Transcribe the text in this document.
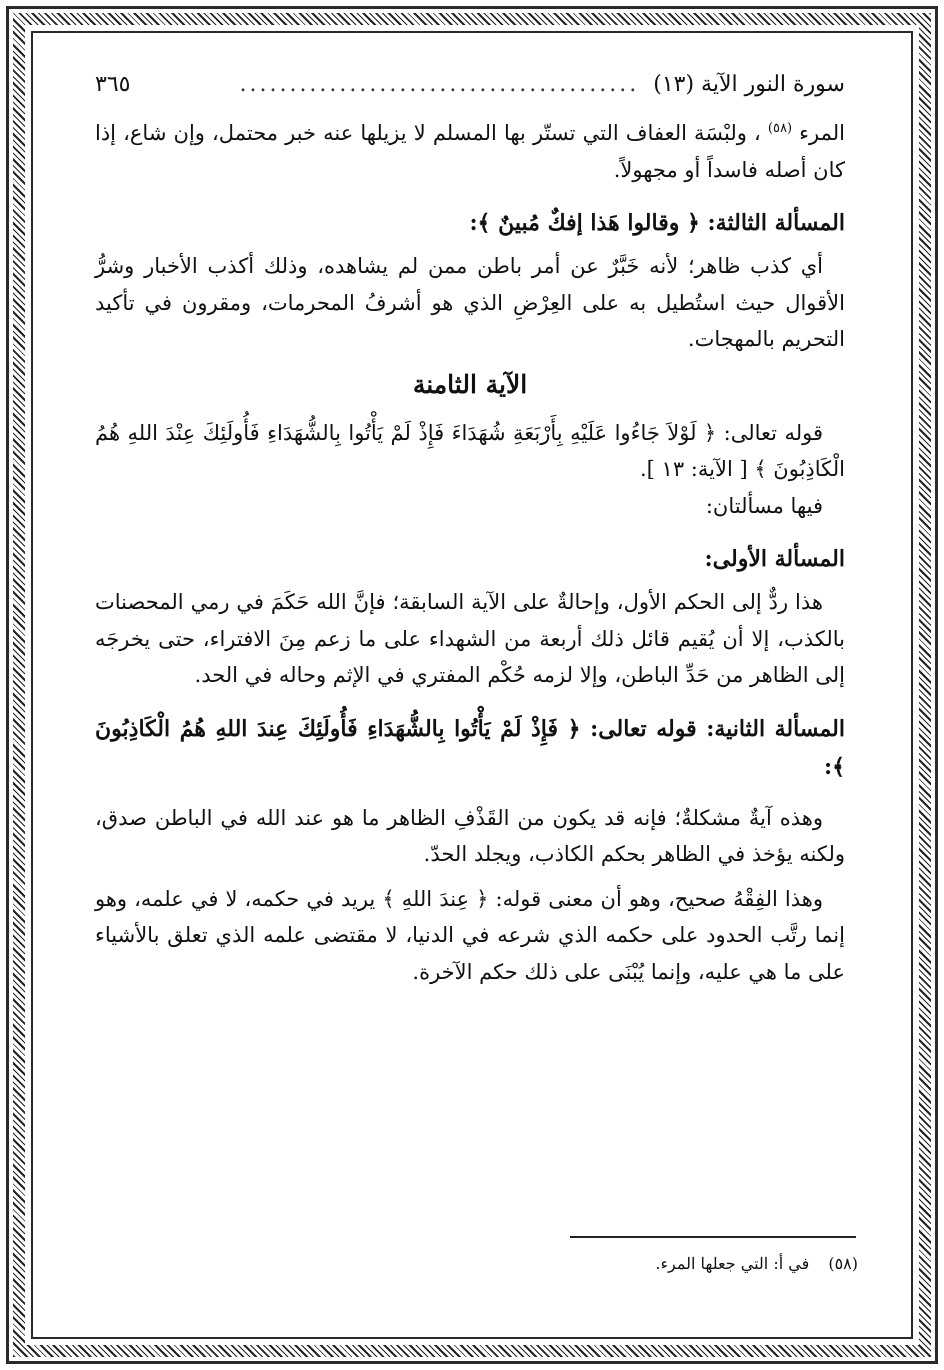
سورة النور الآية (١٣)
........................................
٣٦٥

المرء $^{(٥٨)}$ ، ولبْسَة العفاف التي تستّر بها المسلم لا يزيلها عنه خبر محتمل، وإن شاع، إذا كان أصله فاسداً أو مجهولاً.

المسألة الثالثة: ﴿ وقالوا هَذا إفكٌ مُبينٌ ﴾:

أي كذب ظاهر؛ لأنه خَبَّرٌ عن أمر باطن ممن لم يشاهده، وذلك أكذب الأخبار وشرُّ الأقوال حيث استُطيل به على العِرْضِ الذي هو أشرفُ المحرمات، ومقرون في تأكيد التحريم بالمهجات.

الآية الثامنة

قوله تعالى: ﴿ لَوْلاَ جَاءُوا عَلَيْهِ بِأَرْبَعَةِ شُهَدَاءَ فَإِذْ لَمْ يَأْتُوا بِالشُّهَدَاءِ فَأُولَئِكَ عِنْدَ اللهِ هُمُ الْكَاذِبُونَ ﴾ [ الآية: ١٣ ].

فيها مسألتان:

المسألة الأولى:

هذا ردٌّ إلى الحكم الأول، وإحالةٌ على الآية السابقة؛ فإنَّ الله حَكَمَ في رمي المحصنات بالكذب، إلا أن يُقيم قائل ذلك أربعة من الشهداء على ما زعم مِنَ الافتراء، حتى يخرجَه إلى الظاهر من حَدِّ الباطن، وإلا لزمه حُكْم المفتري في الإثم وحاله في الحد.

المسألة الثانية: قوله تعالى: ﴿ فَإِذْ لَمْ يَأْتُوا بِالشُّهَدَاءِ فَأُولَئِكَ عِندَ اللهِ هُمُ الْكَاذِبُونَ ﴾:

وهذه آيةٌ مشكلةٌ؛ فإنه قد يكون من القَذْفِ الظاهر ما هو عند الله في الباطن صدق، ولكنه يؤخذ في الظاهر بحكم الكاذب، ويجلد الحدّ.

وهذا الفِقْهُ صحيح، وهو أن معنى قوله: ﴿ عِندَ اللهِ ﴾ يريد في حكمه، لا في علمه، وهو إنما رتَّب الحدود على حكمه الذي شرعه في الدنيا، لا مقتضى علمه الذي تعلق بالأشياء على ما هي عليه، وإنما يُبْنَى على ذلك حكم الآخرة.

(٥٨) في أ: التي جعلها المرء.
